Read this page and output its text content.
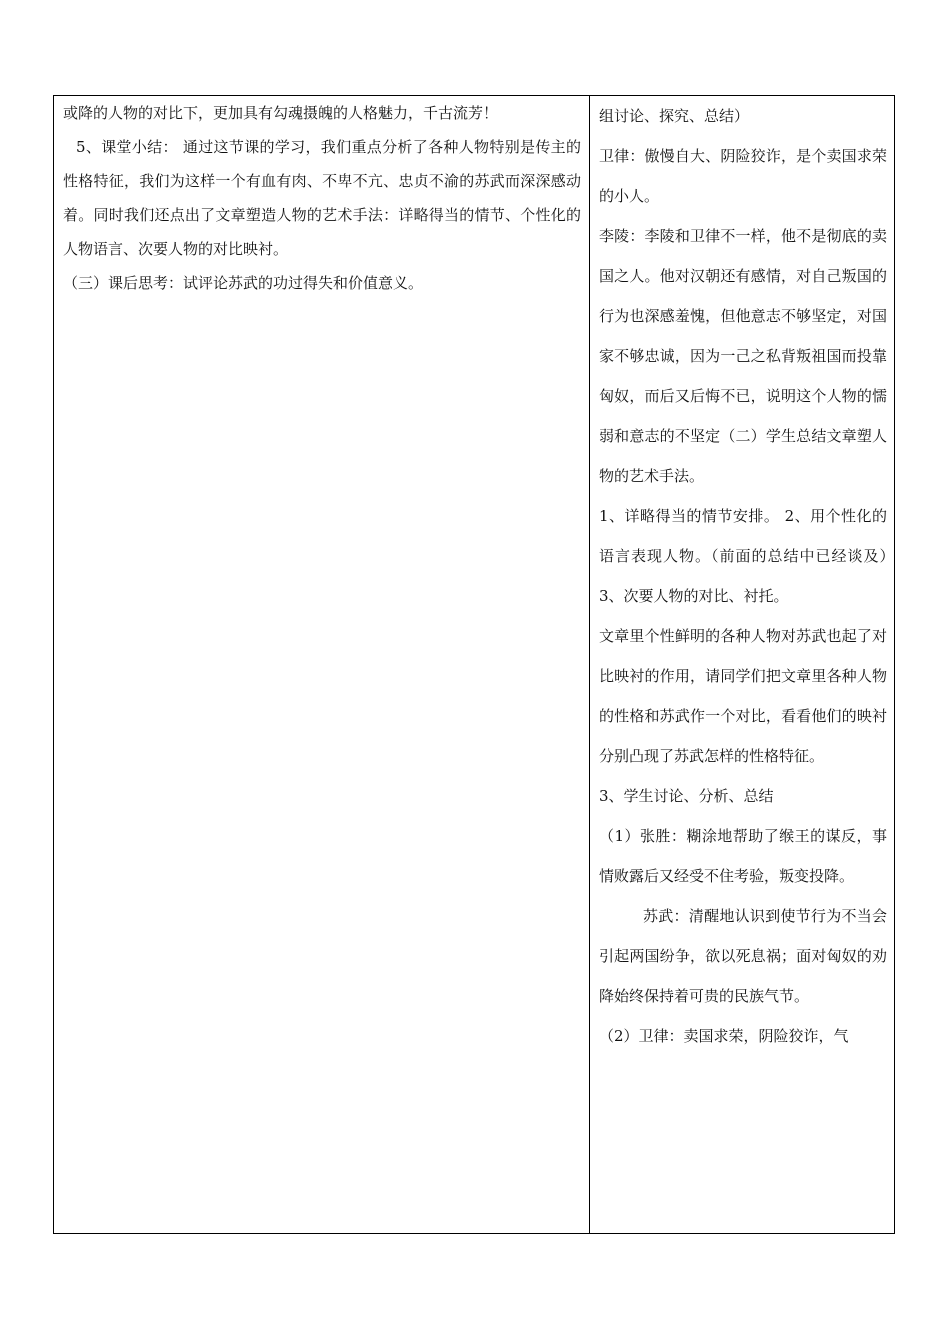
或降的人物的对比下，更加具有勾魂摄魄的人格魅力，千古流芳！

5、课堂小结： 通过这节课的学习，我们重点分析了各种人物特别是传主的性格特征，我们为这样一个有血有肉、不卑不亢、忠贞不渝的苏武而深深感动着。同时我们还点出了文章塑造人物的艺术手法：详略得当的情节、个性化的人物语言、次要人物的对比映衬。

（三）课后思考：试评论苏武的功过得失和价值意义。

组讨论、探究、总结）

卫律：傲慢自大、阴险狡诈，是个卖国求荣的小人。

李陵：李陵和卫律不一样，他不是彻底的卖国之人。他对汉朝还有感情，对自己叛国的行为也深感羞愧，但他意志不够坚定，对国家不够忠诚，因为一己之私背叛祖国而投靠匈奴，而后又后悔不已，说明这个人物的懦弱和意志的不坚定（二）学生总结文章塑人物的艺术手法。

1、详略得当的情节安排。 2、用个性化的语言表现人物。（前面的总结中已经谈及）　 3、次要人物的对比、衬托。

文章里个性鲜明的各种人物对苏武也起了对比映衬的作用，请同学们把文章里各种人物的性格和苏武作一个对比，看看他们的映衬分别凸现了苏武怎样的性格特征。

3、学生讨论、分析、总结

（1）张胜：糊涂地帮助了缑王的谋反，事情败露后又经受不住考验，叛变投降。

苏武：清醒地认识到使节行为不当会引起两国纷争，欲以死息祸；面对匈奴的劝降始终保持着可贵的民族气节。

（2）卫律：卖国求荣，阴险狡诈，气
